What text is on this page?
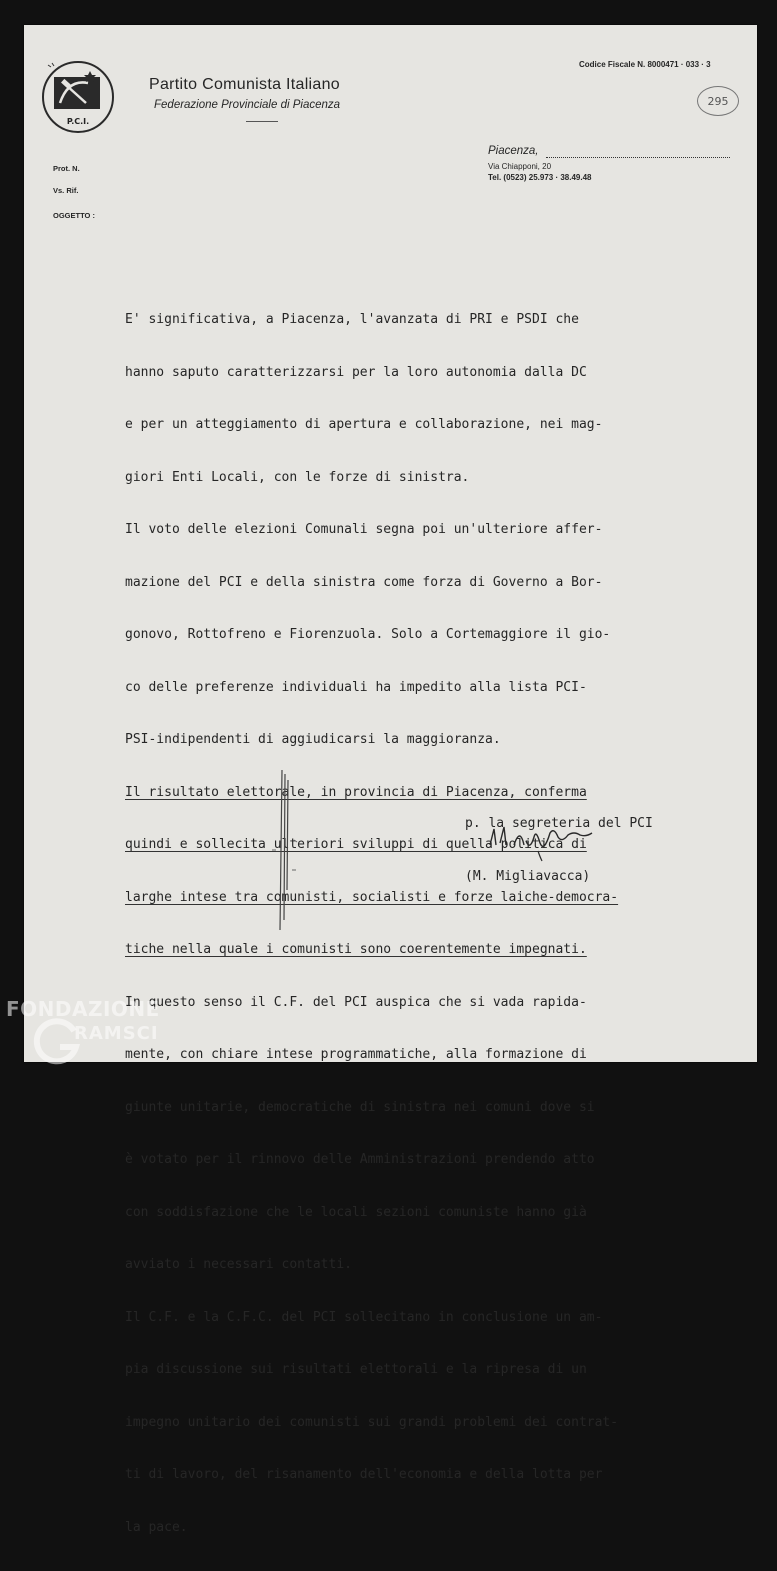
P.C.I.
Partito Comunista Italiano
Federazione Provinciale di Piacenza
Codice Fiscale N. 8000471 · 033 · 3
295
Piacenza,
Via Chiapponi, 20
Tel. (0523) 25.973 · 38.49.48
Prot. N.
Vs. Rif.
OGGETTO :

E' significativa, a Piacenza, l'avanzata di PRI e PSDI che

hanno saputo caratterizzarsi per la loro autonomia dalla DC

e per un atteggiamento di apertura e collaborazione, nei mag-

giori Enti Locali, con le forze di sinistra.

Il voto delle elezioni Comunali segna poi un'ulteriore affer-

mazione del PCI e della sinistra come forza di Governo a Bor-

gonovo, Rottofreno e Fiorenzuola. Solo a Cortemaggiore il gio-

co delle preferenze individuali ha impedito alla lista PCI-

PSI-indipendenti di aggiudicarsi la maggioranza.

Il risultato elettorale, in provincia di Piacenza, conferma

quindi e sollecita ulteriori sviluppi di quella politica di

larghe intese tra comunisti, socialisti e forze laiche-democra-

tiche nella quale i comunisti sono coerentemente impegnati.

In questo senso il C.F. del PCI auspica che si vada rapida-

mente, con chiare intese programmatiche, alla formazione di

giunte unitarie, democratiche di sinistra nei comuni dove si

è votato per il rinnovo delle Amministrazioni prendendo atto

con soddisfazione che le locali sezioni comuniste hanno già

avviato i necessari contatti.

Il C.F. e la C.F.C. del PCI sollecitano in conclusione un am-

pia discussione sui risultati elettorali e la ripresa di un

impegno unitario dei comunisti sui grandi problemi dei contrat-

ti di lavoro, del risanamento dell'economia e della lotta per

la pace.

p. la segreteria del PCI

(M. Migliavacca)

FONDAZIONE
RAMSCI
